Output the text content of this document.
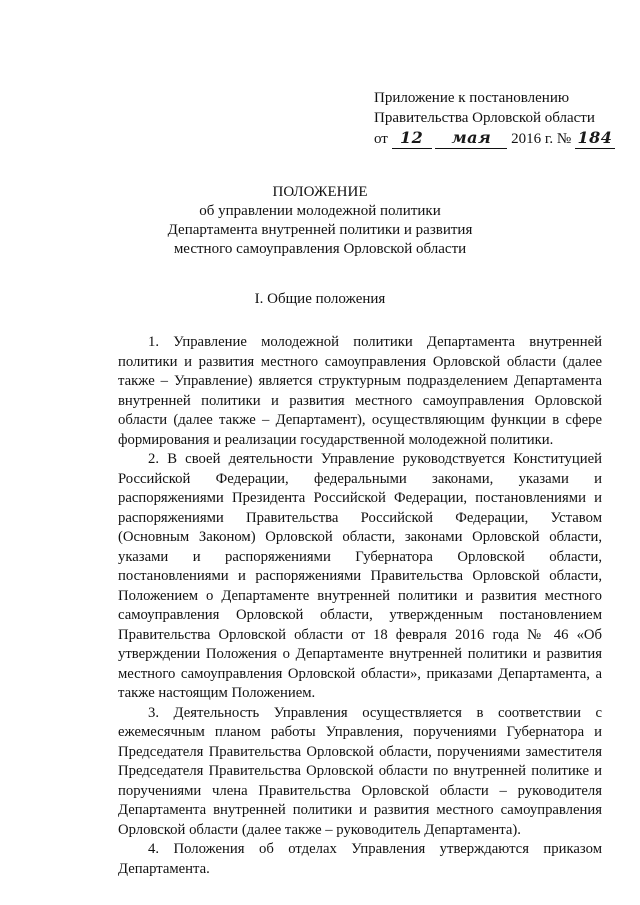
Приложение к постановлению
Правительства Орловской области
от 12 мая 2016 г. № 184
ПОЛОЖЕНИЕ
об управлении молодежной политики
Департамента внутренней политики и развития
местного самоуправления Орловской области
I. Общие положения

1. Управление молодежной политики Департамента внутренней политики и развития местного самоуправления Орловской области (далее также – Управление) является структурным подразделением Департамента внутренней политики и развития местного самоуправления Орловской области (далее также – Департамент), осуществляющим функции в сфере формирования и реализации государственной молодежной политики.

2. В своей деятельности Управление руководствуется Конституцией Российской Федерации, федеральными законами, указами и распоряжениями Президента Российской Федерации, постановлениями и распоряжениями Правительства Российской Федерации, Уставом (Основным Законом) Орловской области, законами Орловской области, указами и распоряжениями Губернатора Орловской области, постановлениями и распоряжениями Правительства Орловской области, Положением о Департаменте внутренней политики и развития местного самоуправления Орловской области, утвержденным постановлением Правительства Орловской области от 18 февраля 2016 года № 46 «Об утверждении Положения о Департаменте внутренней политики и развития местного самоуправления Орловской области», приказами Департамента, а также настоящим Положением.

3. Деятельность Управления осуществляется в соответствии с ежемесячным планом работы Управления, поручениями Губернатора и Председателя Правительства Орловской области, поручениями заместителя Председателя Правительства Орловской области по внутренней политике и поручениями члена Правительства Орловской области – руководителя Департамента внутренней политики и развития местного самоуправления Орловской области (далее также – руководитель Департамента).

4. Положения об отделах Управления утверждаются приказом Департамента.
